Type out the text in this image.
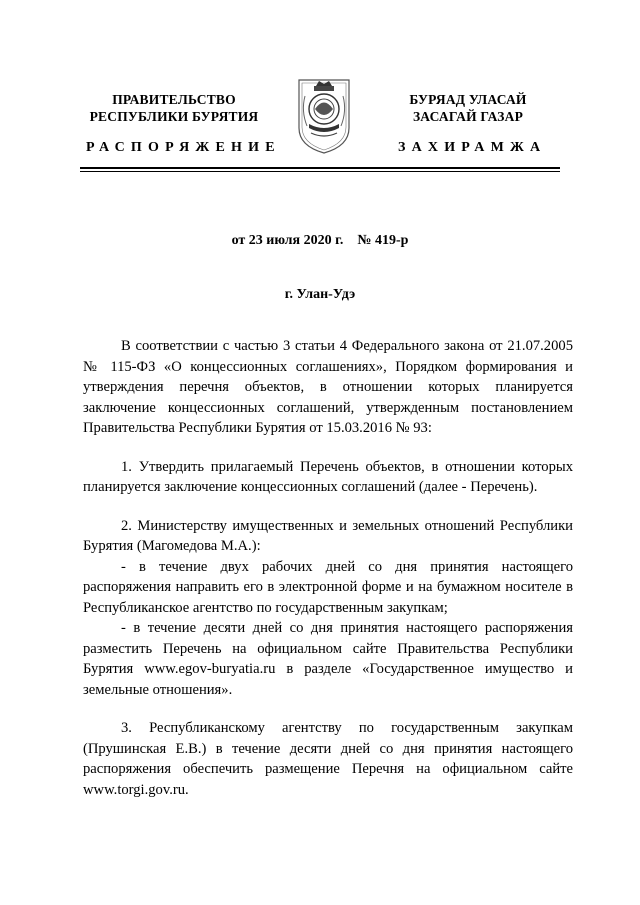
ПРАВИТЕЛЬСТВО
РЕСПУБЛИКИ БУРЯТИЯ
БУРЯАД УЛАСАЙ
ЗАСАГАЙ ГАЗАР
РАСПОРЯЖЕНИЕ	ЗАХИРАМЖА
от 23 июля 2020 г.    № 419-р
г. Улан-Удэ

В соответствии с частью 3 статьи 4 Федерального закона от 21.07.2005 № 115-ФЗ «О концессионных соглашениях», Порядком формирования и утверждения перечня объектов, в отношении которых планируется заключение концессионных соглашений, утвержденным постановлением Правительства Республики Бурятия от 15.03.2016 № 93:

1. Утвердить прилагаемый Перечень объектов, в отношении которых планируется заключение концессионных соглашений (далее - Перечень).

2. Министерству имущественных и земельных отношений Республики Бурятия (Магомедова М.А.):

- в течение двух рабочих дней со дня принятия настоящего распоряжения направить его в электронной форме и на бумажном носителе в Республиканское агентство по государственным закупкам;

- в течение десяти дней со дня принятия настоящего распоряжения разместить Перечень на официальном сайте Правительства Республики Бурятия www.egov-buryatia.ru в разделе «Государственное имущество и земельные отношения».

3. Республиканскому агентству по государственным закупкам (Прушинская Е.В.) в течение десяти дней со дня принятия настоящего распоряжения обеспечить размещение Перечня на официальном сайте www.torgi.gov.ru.
